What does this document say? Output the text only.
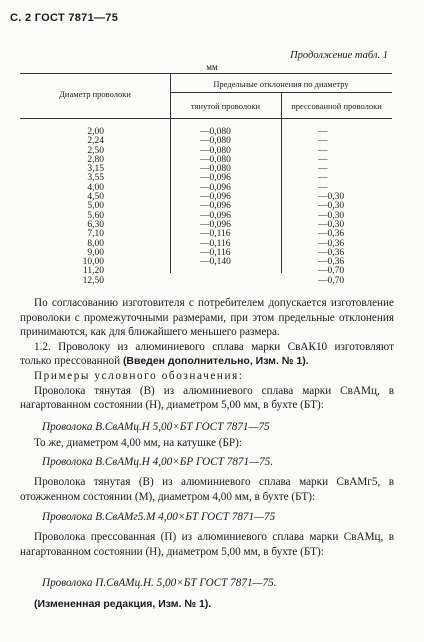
С. 2 ГОСТ 7871—75
Продолжение табл. 1
мм
Диаметр проволоки
Предельные отклонения по диаметру
тянутой проволоки	прессованной проволоки
2,00
2,24
2,50
2,80
3,15
3,55
4,00
4,50
5,00
5,60
6,30
7,10
8,00
9,00
10,00
11,20
12,50
—0,080
—0,080
—0,080
—0,080
—0,080
—0,096
—0,096
—0,096
—0,096
—0,096
—0,096
—0,116
—0,116
—0,116
—0,140
—
—
—
—
—
—
—
—0,30
—0,30
—0,30
—0,30
—0,36
—0,36
—0,36
—0,36
—0,70
—0,70

По согласованию изготовителя с потребителем допускается изготовление проволоки с промежуточными размерами, при этом предельные отклонения принимаются, как для ближайшего меньшего размера.

1.2. Проволоку из алюминиевого сплава марки СвАК10 изготовляют только прессованной (Введен дополнительно, Изм. № 1).

Примеры условного обозначения:

Проволока тянутая (В) из алюминиевого сплава марки СвАМц, в нагартованном состоянии (Н), диаметром 5,00 мм, в бухте (БТ):

Проволока В.СвАМц.Н 5,00×БТ ГОСТ 7871—75

То же, диаметром 4,00 мм, на катушке (БР):

Проволока В.СвАМц.Н 4,00×БР ГОСТ 7871—75.

Проволока тянутая (В) из алюминиевого сплава марки СвАМг5, в отожженном состоянии (М), диаметром 4,00 мм, в бухте (БТ):

Проволока В.СвАМг5.М 4,00×БТ ГОСТ 7871—75

Проволока прессованная (П) из алюминиевого сплава марки СвАМц, в нагартованном состоянии (Н), диаметром 5,00 мм, в бухте (БТ):

Проволока П.СвАМц.Н. 5,00×БТ ГОСТ 7871—75.

(Измененная редакция, Изм. № 1).
